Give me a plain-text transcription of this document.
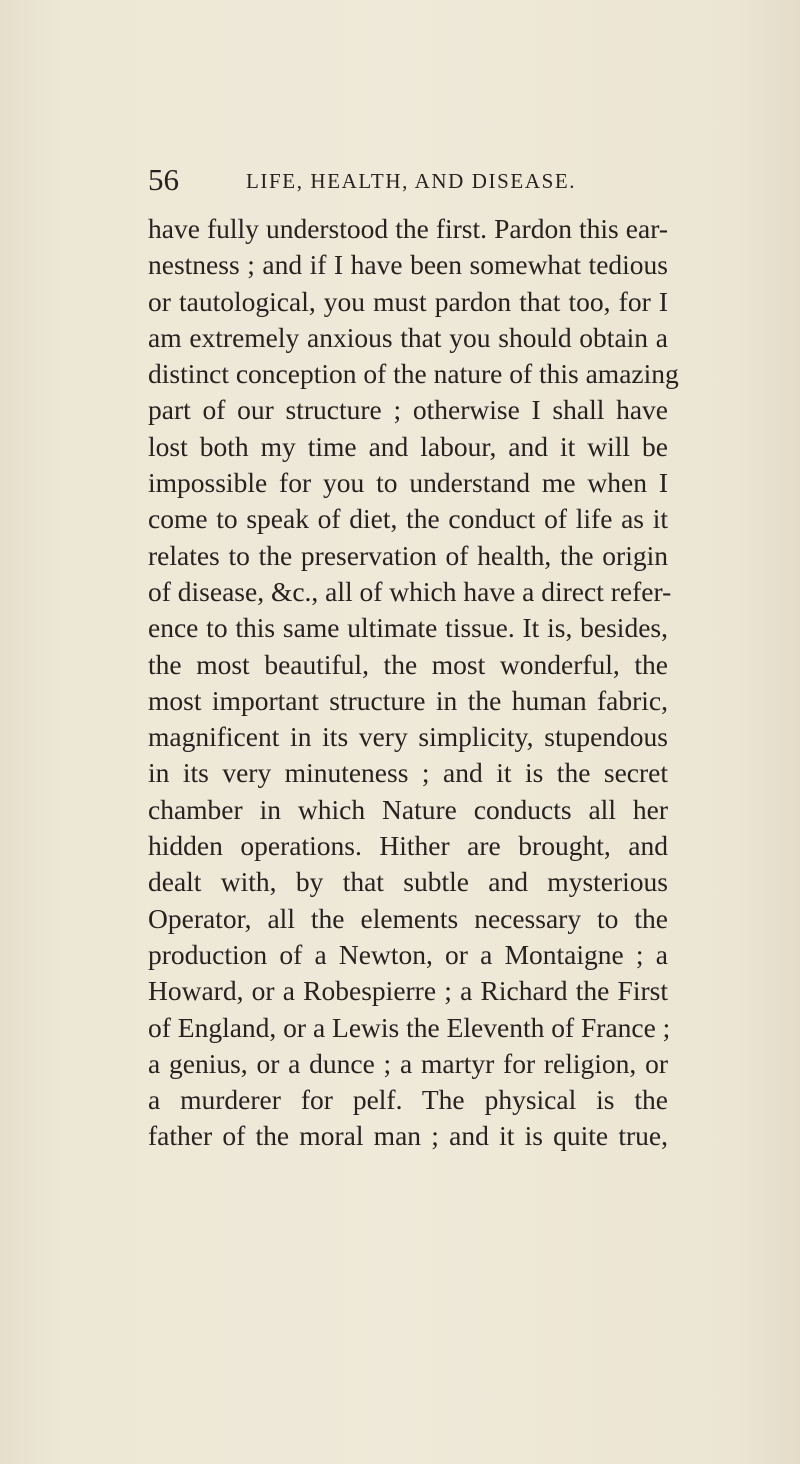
56	LIFE, HEALTH, AND DISEASE.
have fully understood the first. Pardon this ear-
nestness ; and if I have been somewhat tedious
or tautological, you must pardon that too, for I
am extremely anxious that you should obtain a
distinct conception of the nature of this amazing
part of our structure ; otherwise I shall have
lost both my time and labour, and it will be
impossible for you to understand me when I
come to speak of diet, the conduct of life as it
relates to the preservation of health, the origin
of disease, &c., all of which have a direct refer-
ence to this same ultimate tissue. It is, besides,
the most beautiful, the most wonderful, the
most important structure in the human fabric,
magnificent in its very simplicity, stupendous
in its very minuteness ; and it is the secret
chamber in which Nature conducts all her
hidden operations. Hither are brought, and
dealt with, by that subtle and mysterious
Operator, all the elements necessary to the
production of a Newton, or a Montaigne ; a
Howard, or a Robespierre ; a Richard the First
of England, or a Lewis the Eleventh of France ;
a genius, or a dunce ; a martyr for religion, or
a murderer for pelf. The physical is the
father of the moral man ; and it is quite true,
